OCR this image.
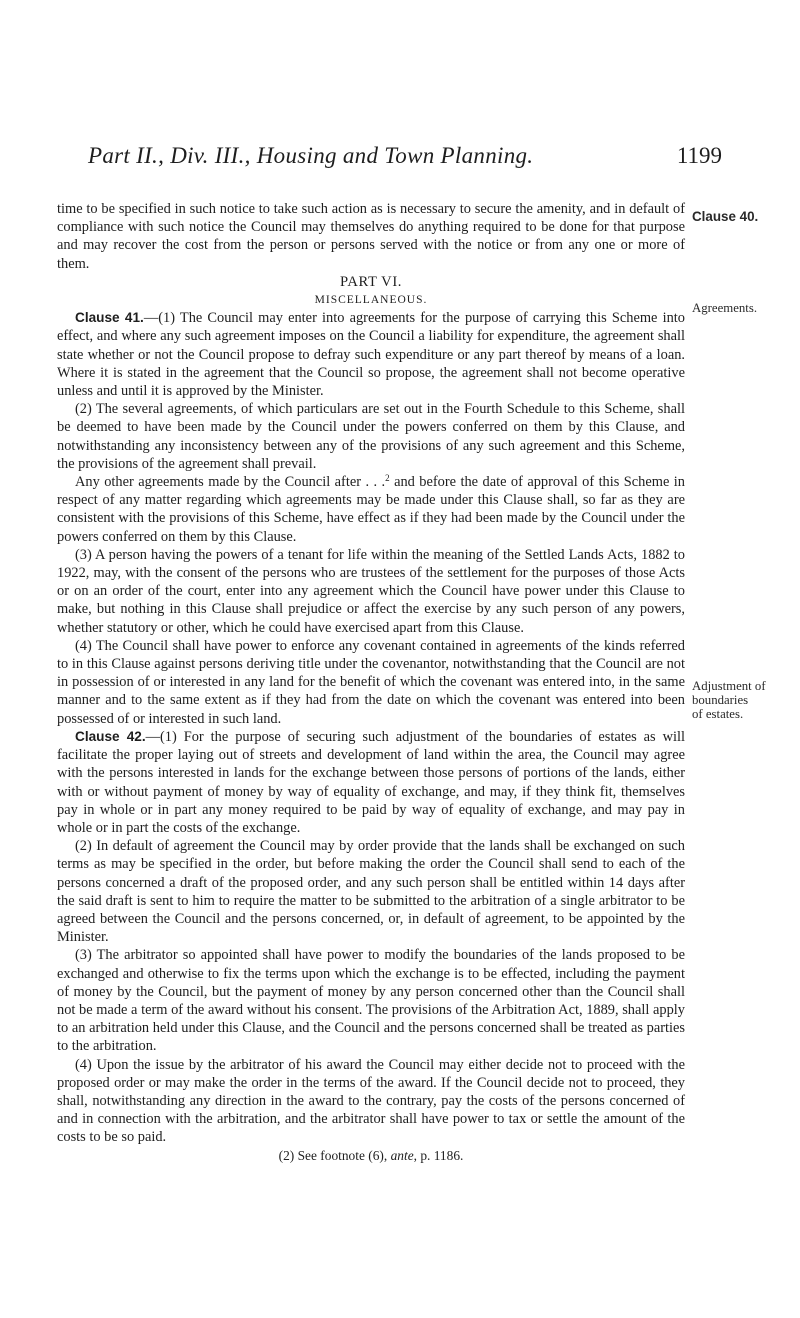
Part II., Div. III., Housing and Town Planning.	1199
Clause 40.
Agreements.
Adjustment of
boundaries
of estates.

time to be specified in such notice to take such action as is necessary to secure the amenity, and in default of compliance with such notice the Council may themselves do anything required to be done for that purpose and may recover the cost from the person or persons served with the notice or from any one or more of them.

PART VI.

MISCELLANEOUS.

Clause 41.—(1) The Council may enter into agreements for the purpose of carrying this Scheme into effect, and where any such agreement imposes on the Council a liability for expenditure, the agreement shall state whether or not the Council propose to defray such expenditure or any part thereof by means of a loan. Where it is stated in the agreement that the Council so propose, the agreement shall not become operative unless and until it is approved by the Minister.

(2) The several agreements, of which particulars are set out in the Fourth Schedule to this Scheme, shall be deemed to have been made by the Council under the powers conferred on them by this Clause, and notwithstanding any inconsistency between any of the provisions of any such agreement and this Scheme, the provisions of the agreement shall prevail.

Any other agreements made by the Council after . . .$^2$ and before the date of approval of this Scheme in respect of any matter regarding which agreements may be made under this Clause shall, so far as they are consistent with the provisions of this Scheme, have effect as if they had been made by the Council under the powers conferred on them by this Clause.

(3) A person having the powers of a tenant for life within the meaning of the Settled Lands Acts, 1882 to 1922, may, with the consent of the persons who are trustees of the settlement for the purposes of those Acts or on an order of the court, enter into any agreement which the Council have power under this Clause to make, but nothing in this Clause shall prejudice or affect the exercise by any such person of any powers, whether statutory or other, which he could have exercised apart from this Clause.

(4) The Council shall have power to enforce any covenant contained in agreements of the kinds referred to in this Clause against persons deriving title under the covenantor, notwithstanding that the Council are not in possession of or interested in any land for the benefit of which the covenant was entered into, in the same manner and to the same extent as if they had from the date on which the covenant was entered into been possessed of or interested in such land.

Clause 42.—(1) For the purpose of securing such adjustment of the boundaries of estates as will facilitate the proper laying out of streets and development of land within the area, the Council may agree with the persons interested in lands for the exchange between those persons of portions of the lands, either with or without payment of money by way of equality of exchange, and may, if they think fit, themselves pay in whole or in part any money required to be paid by way of equality of exchange, and may pay in whole or in part the costs of the exchange.

(2) In default of agreement the Council may by order provide that the lands shall be exchanged on such terms as may be specified in the order, but before making the order the Council shall send to each of the persons concerned a draft of the proposed order, and any such person shall be entitled within 14 days after the said draft is sent to him to require the matter to be submitted to the arbitration of a single arbitrator to be agreed between the Council and the persons concerned, or, in default of agreement, to be appointed by the Minister.

(3) The arbitrator so appointed shall have power to modify the boundaries of the lands proposed to be exchanged and otherwise to fix the terms upon which the exchange is to be effected, including the payment of money by the Council, but the payment of money by any person concerned other than the Council shall not be made a term of the award without his consent. The provisions of the Arbitration Act, 1889, shall apply to an arbitration held under this Clause, and the Council and the persons concerned shall be treated as parties to the arbitration.

(4) Upon the issue by the arbitrator of his award the Council may either decide not to proceed with the proposed order or may make the order in the terms of the award. If the Council decide not to proceed, they shall, notwithstanding any direction in the award to the contrary, pay the costs of the persons concerned of and in connection with the arbitration, and the arbitrator shall have power to tax or settle the amount of the costs to be so paid.

(2) See footnote (6), ante, p. 1186.
